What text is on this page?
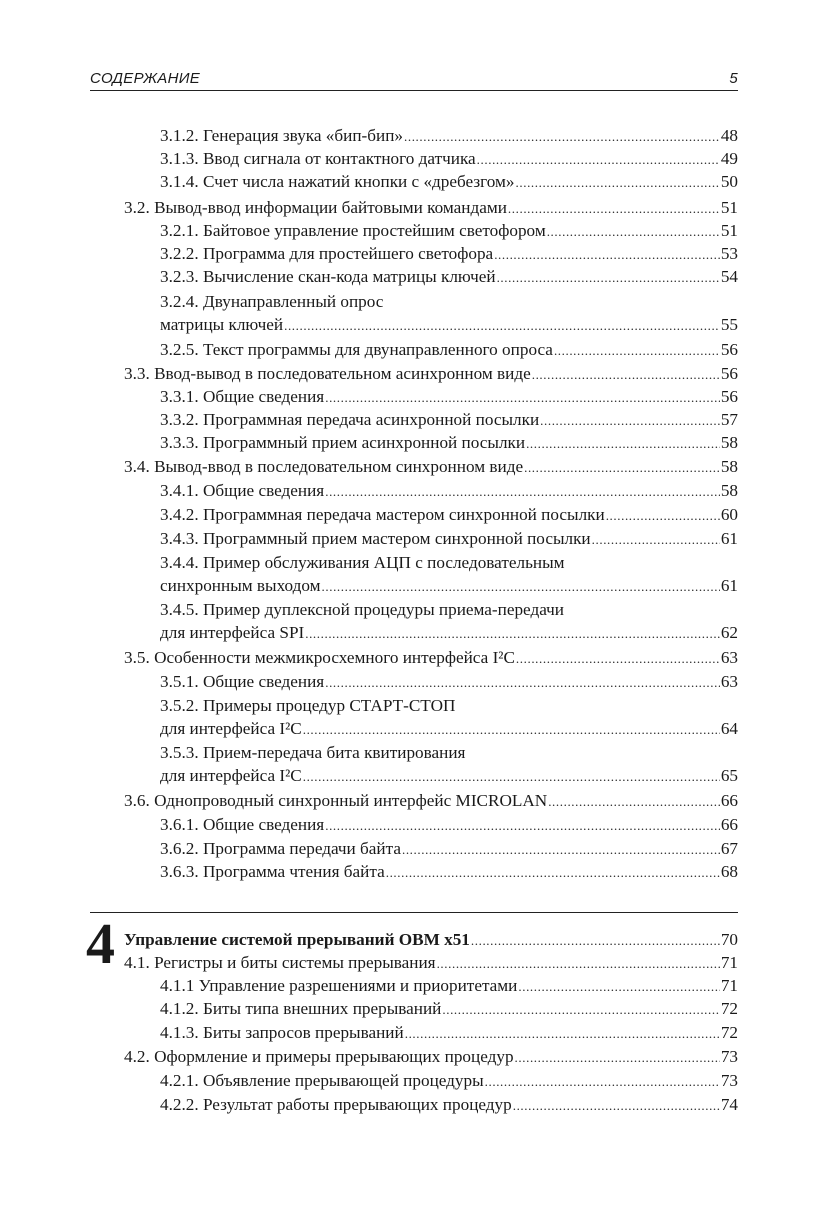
СОДЕРЖАНИЕ	5
3.1.2. Генерация звука «бип-бип» .....	48
3.1.3. Ввод сигнала от контактного датчика .....	49
3.1.4. Счет числа нажатий кнопки с «дребезгом» .....	50
3.2. Вывод-ввод информации байтовыми командами .....	51
3.2.1. Байтовое управление простейшим светофором .....	51
3.2.2. Программа для простейшего светофора .....	53
3.2.3. Вычисление скан-кода матрицы ключей .....	54
3.2.4. Двунаправленный опрос
матрицы ключей .....	55
3.2.5. Текст программы для двунаправленного опроса .....	56
3.3. Ввод-вывод в последовательном асинхронном виде .....	56
3.3.1. Общие сведения .....	56
3.3.2. Программная передача асинхронной посылки .....	57
3.3.3. Программный прием асинхронной посылки .....	58
3.4. Вывод-ввод в последовательном синхронном виде .....	58
3.4.1. Общие сведения .....	58
3.4.2. Программная передача мастером синхронной посылки .....	60
3.4.3. Программный прием мастером синхронной посылки .....	61
3.4.4. Пример обслуживания АЦП с последовательным
синхронным выходом .....	61
3.4.5. Пример дуплексной процедуры приема-передачи
для интерфейса SPI .....	62
3.5. Особенности межмикросхемного интерфейса I²C .....	63
3.5.1. Общие сведения .....	63
3.5.2. Примеры процедур СТАРТ-СТОП
для интерфейса I²C .....	64
3.5.3. Прием-передача бита квитирования
для интерфейса I²C .....	65
3.6. Однопроводный синхронный интерфейс MICROLAN .....	66
3.6.1. Общие сведения .....	66
3.6.2. Программа передачи байта .....	67
3.6.3. Программа чтения байта .....	68
4 Управление системой прерываний OBM x51 .....	70
4.1. Регистры и биты системы прерывания .....	71
4.1.1 Управление разрешениями и приоритетами .....	71
4.1.2. Биты типа внешних прерываний .....	72
4.1.3. Биты запросов прерываний .....	72
4.2. Оформление и примеры прерывающих процедур .....	73
4.2.1. Объявление прерывающей процедуры .....	73
4.2.2. Результат работы прерывающих процедур .....	74
